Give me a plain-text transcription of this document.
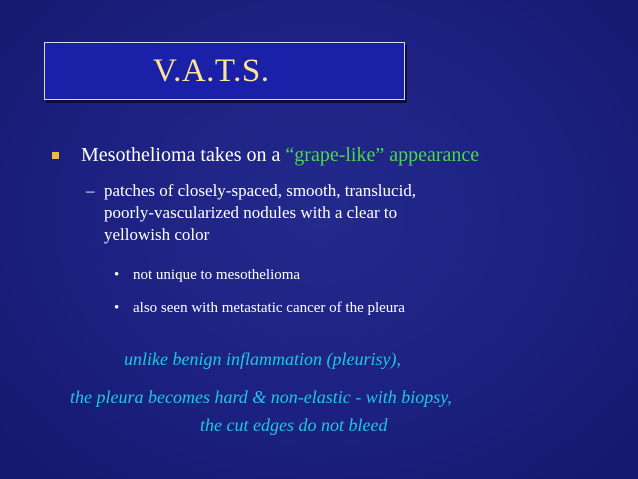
V.A.T.S.
Mesothelioma takes on a “grape-like” appearance
– patches of closely-spaced, smooth, translucid,
poorly-vascularized nodules with a clear to
yellowish color
• not unique to mesothelioma
• also seen with metastatic cancer of the pleura
unlike benign inflammation (pleurisy),
the pleura becomes hard & non-elastic - with biopsy,
the cut edges do not bleed
